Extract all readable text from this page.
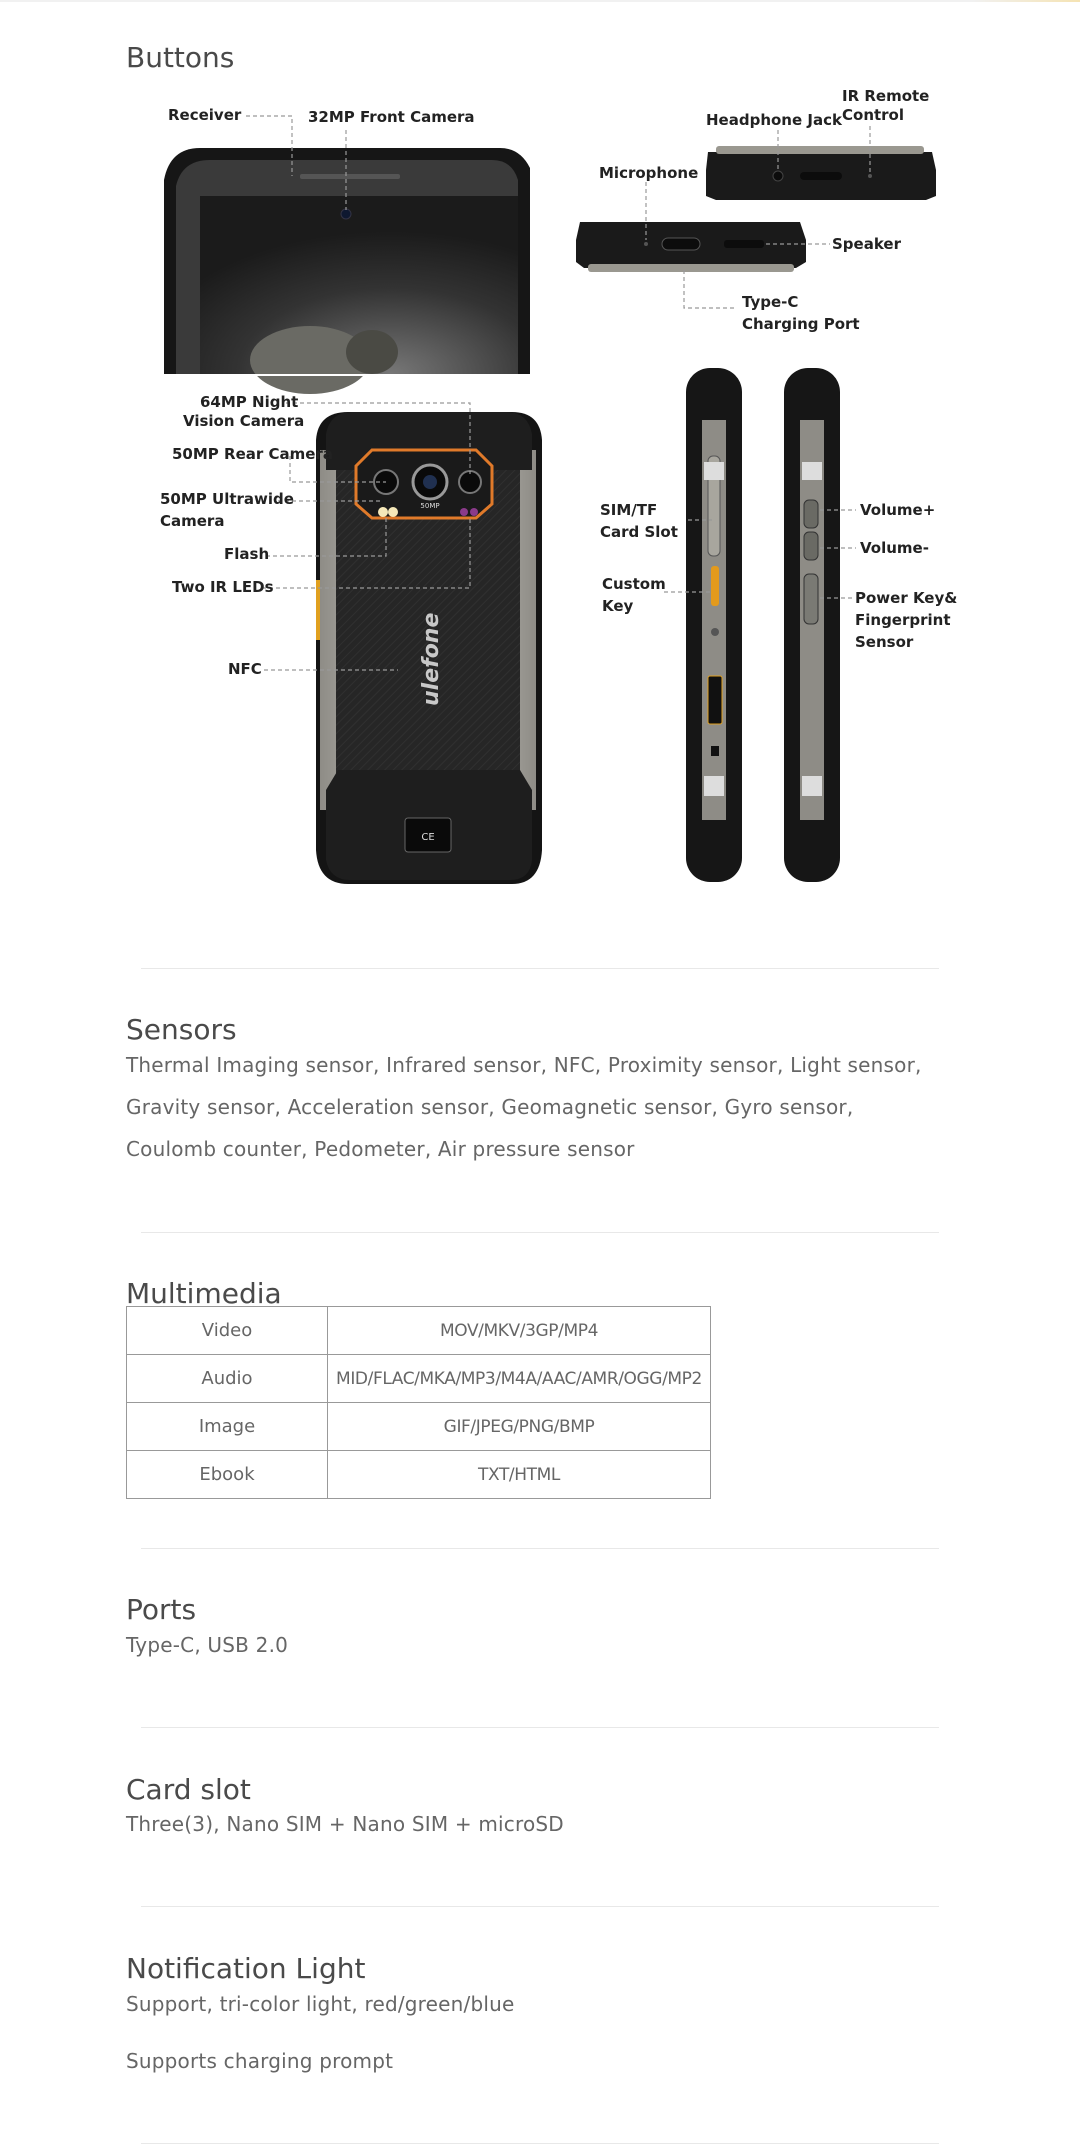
Buttons
CE
50MP
ulefone
Receiver	32MP Front Camera	Headphone Jack
IR Remote
Control
Microphone
Speaker
Type-C
Charging Port
64MP Night
Vision Camera
50MP Rear Camera
50MP Ultrawide
Camera
Flash
Two IR LEDs
NFC
SIM/TF
Card Slot
Custom
Key
Volume+
Volume-
Power Key&
Fingerprint
Sensor
Sensors
Thermal Imaging sensor, Infrared sensor, NFC, Proximity sensor, Light sensor, Gravity sensor, Acceleration sensor, Geomagnetic sensor, Gyro sensor, Coulomb counter, Pedometer, Air pressure sensor
Multimedia
Video	MOV/MKV/3GP/MP4
Audio	MID/FLAC/MKA/MP3/M4A/AAC/AMR/OGG/MP2
Image	GIF/JPEG/PNG/BMP
Ebook	TXT/HTML
Ports
Type-C, USB 2.0
Card slot
Three(3), Nano SIM + Nano SIM + microSD
Notification Light
Support, tri-color light, red/green/blue
Supports charging prompt
